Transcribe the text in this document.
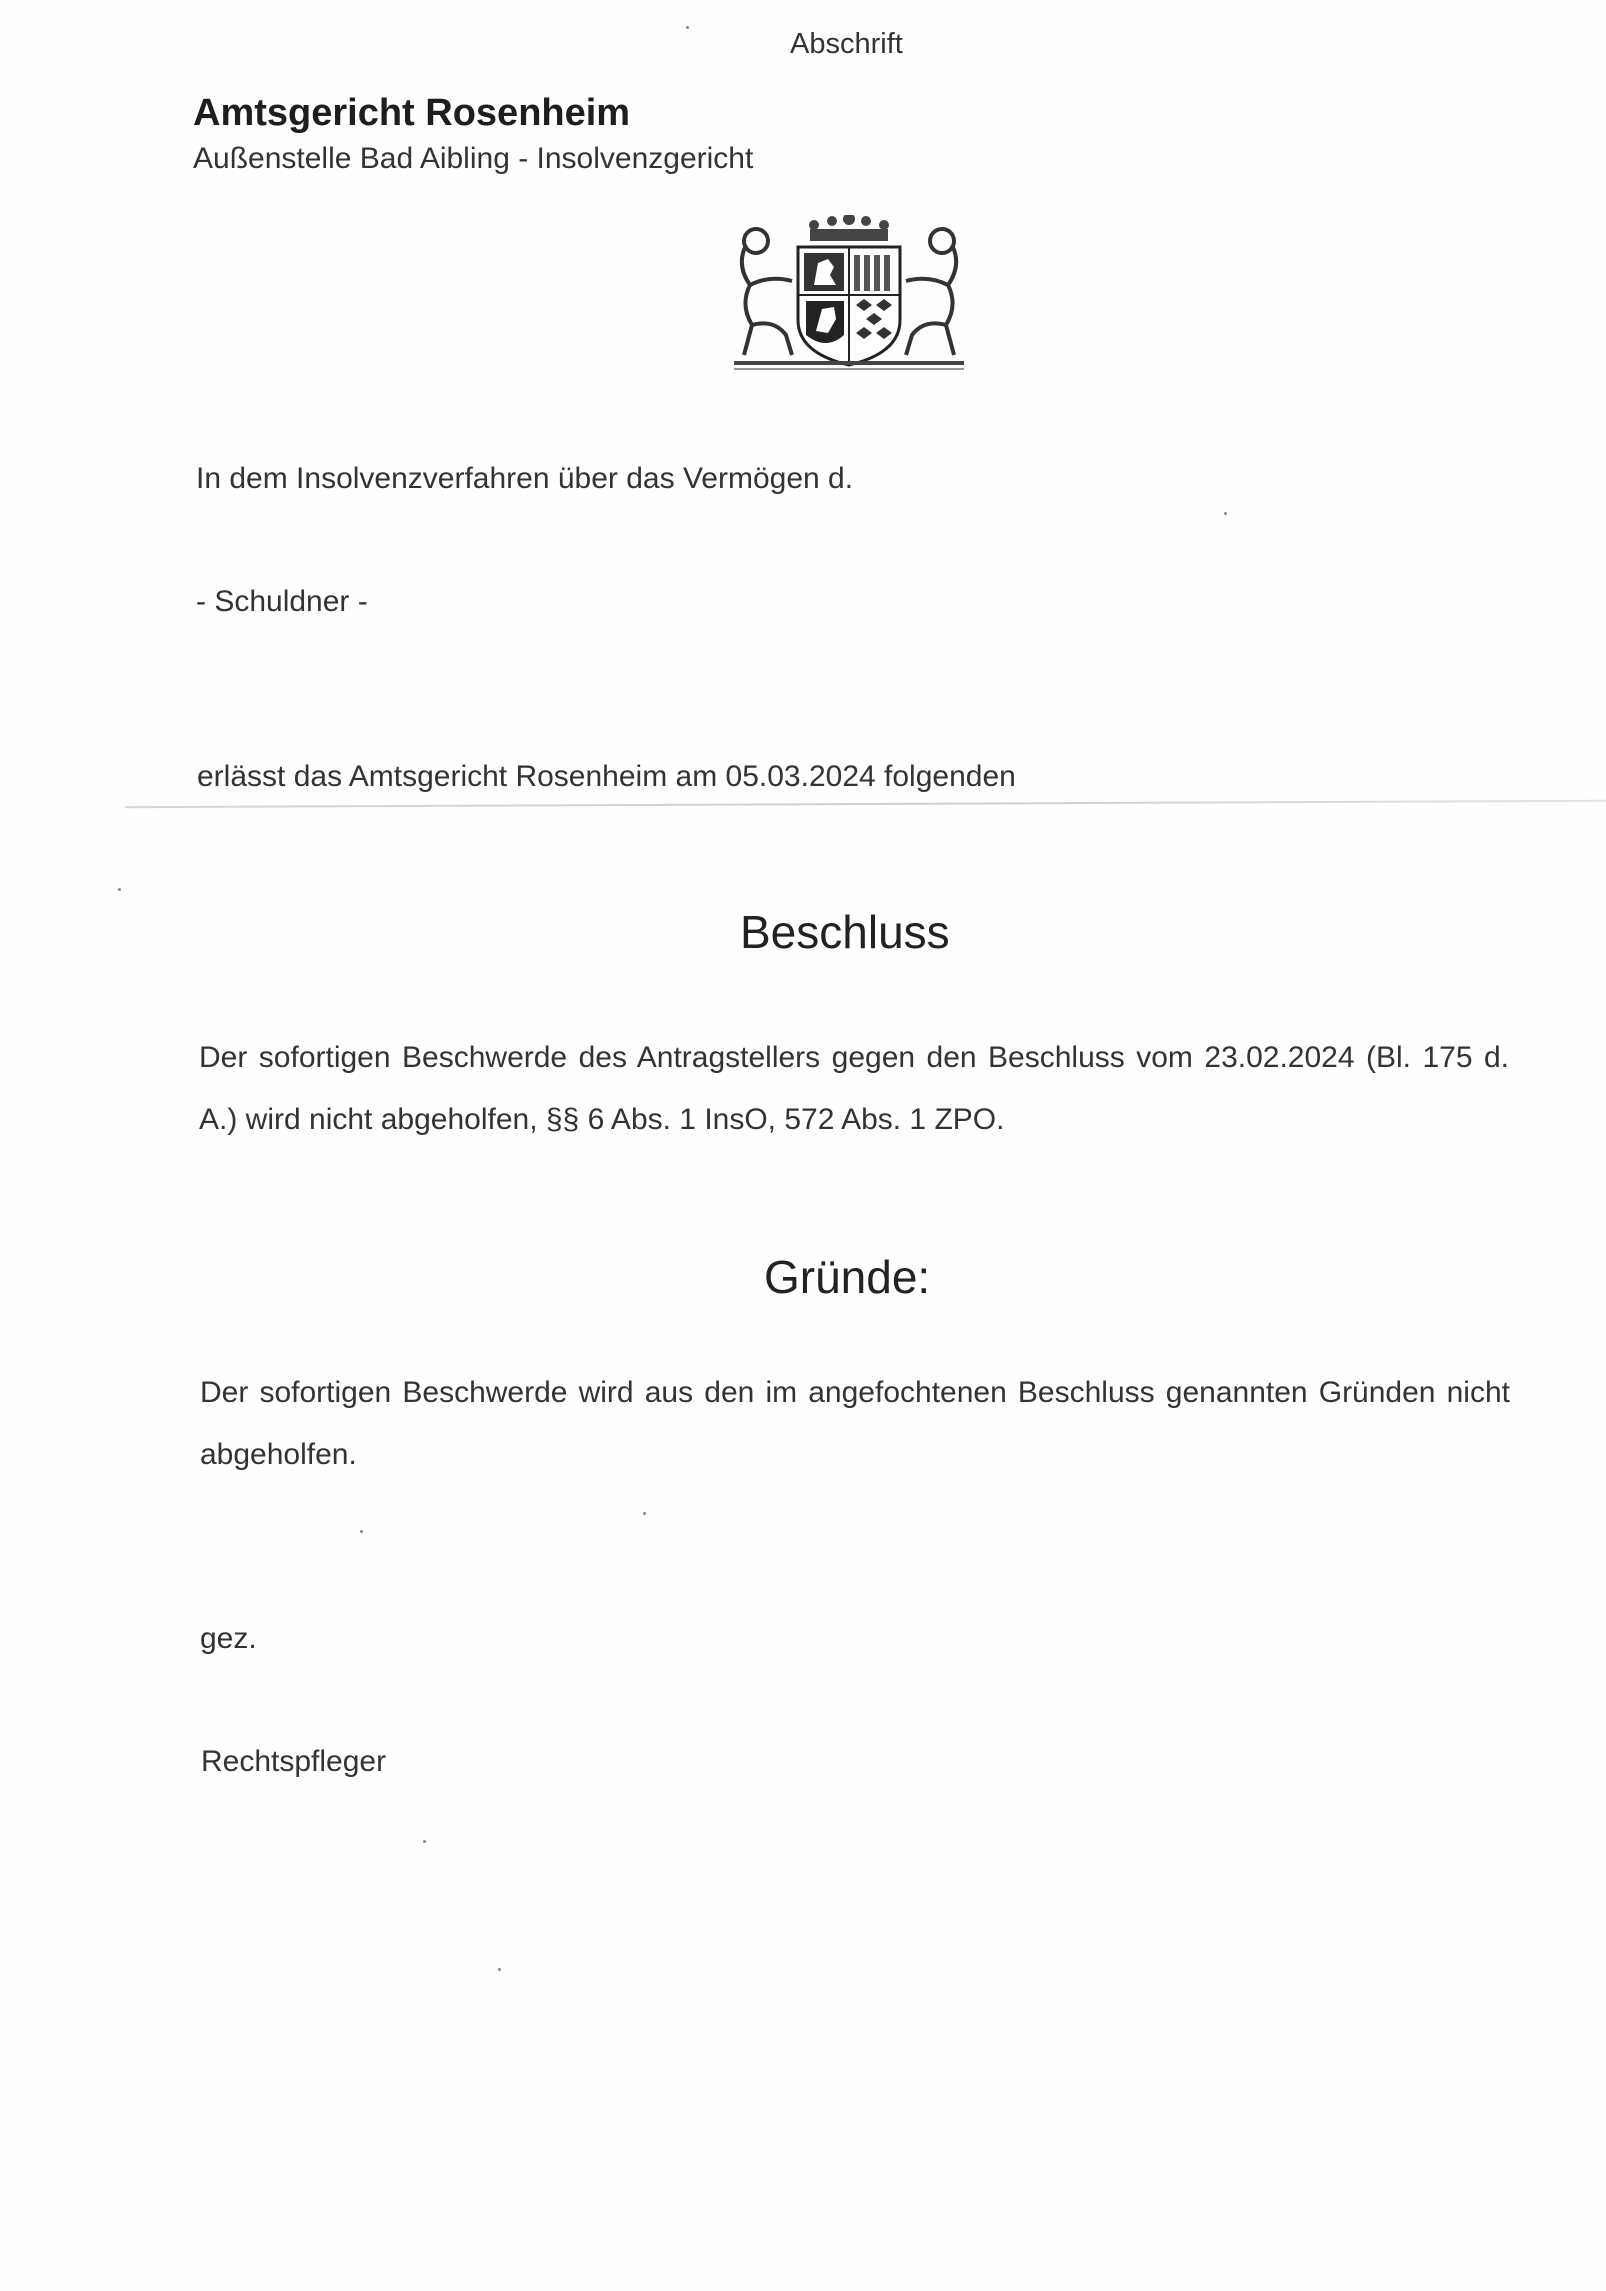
Abschrift
Amtsgericht Rosenheim
Außenstelle Bad Aibling - Insolvenzgericht
In dem Insolvenzverfahren über das Vermögen d.
- Schuldner -
erlässt das Amtsgericht Rosenheim am 05.03.2024 folgenden
Beschluss
Der sofortigen Beschwerde des Antragstellers gegen den Beschluss vom 23.02.2024 (Bl. 175 d. A.) wird nicht abgeholfen, §§ 6 Abs. 1 InsO, 572 Abs. 1 ZPO.
Gründe:
Der sofortigen Beschwerde wird aus den im angefochtenen Beschluss genannten Gründen nicht abgeholfen.
gez.
Rechtspfleger
